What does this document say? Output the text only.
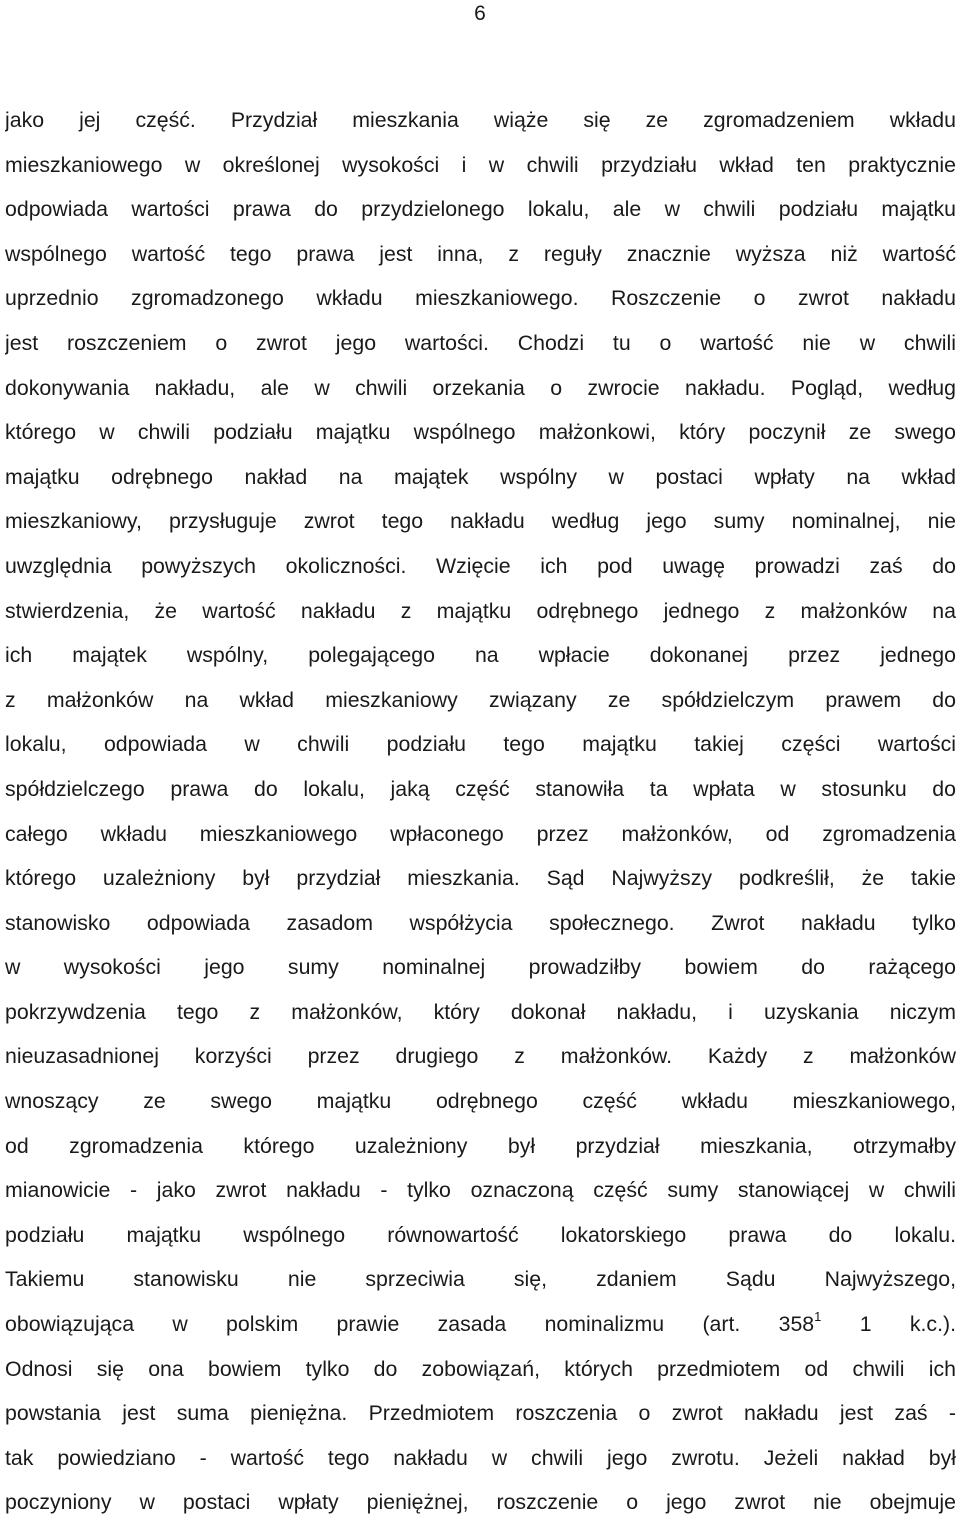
6
jako jej część. Przydział mieszkania wiąże się ze zgromadzeniem wkładu
mieszkaniowego w określonej wysokości i w chwili przydziału wkład ten praktycznie
odpowiada wartości prawa do przydzielonego lokalu, ale w chwili podziału majątku
wspólnego wartość tego prawa jest inna, z reguły znacznie wyższa niż wartość
uprzednio zgromadzonego wkładu mieszkaniowego. Roszczenie o zwrot nakładu
jest roszczeniem o zwrot jego wartości. Chodzi tu o wartość nie w chwili
dokonywania nakładu, ale w chwili orzekania o zwrocie nakładu. Pogląd, według
którego w chwili podziału majątku wspólnego małżonkowi, który poczynił ze swego
majątku odrębnego nakład na majątek wspólny w postaci wpłaty na wkład
mieszkaniowy, przysługuje zwrot tego nakładu według jego sumy nominalnej, nie
uwzględnia powyższych okoliczności. Wzięcie ich pod uwagę prowadzi zaś do
stwierdzenia, że wartość nakładu z majątku odrębnego jednego z małżonków na
ich majątek wspólny, polegającego na wpłacie dokonanej przez jednego
z małżonków na wkład mieszkaniowy związany ze spółdzielczym prawem do
lokalu, odpowiada w chwili podziału tego majątku takiej części wartości
spółdzielczego prawa do lokalu, jaką część stanowiła ta wpłata w stosunku do
całego wkładu mieszkaniowego wpłaconego przez małżonków, od zgromadzenia
którego uzależniony był przydział mieszkania. Sąd Najwyższy podkreślił, że takie
stanowisko odpowiada zasadom współżycia społecznego. Zwrot nakładu tylko
w wysokości jego sumy nominalnej prowadziłby bowiem do rażącego
pokrzywdzenia tego z małżonków, który dokonał nakładu, i uzyskania niczym
nieuzasadnionej korzyści przez drugiego z małżonków. Każdy z małżonków
wnoszący ze swego majątku odrębnego część wkładu mieszkaniowego,
od zgromadzenia którego uzależniony był przydział mieszkania, otrzymałby
mianowicie - jako zwrot nakładu - tylko oznaczoną część sumy stanowiącej w chwili
podziału majątku wspólnego równowartość lokatorskiego prawa do lokalu.
Takiemu stanowisku nie sprzeciwia się, zdaniem Sądu Najwyższego,
obowiązująca w polskim prawie zasada nominalizmu (art. 358$^1$ 1 k.c.).
Odnosi się ona bowiem tylko do zobowiązań, których przedmiotem od chwili ich
powstania jest suma pieniężna. Przedmiotem roszczenia o zwrot nakładu jest zaś -
tak powiedziano - wartość tego nakładu w chwili jego zwrotu. Jeżeli nakład był
poczyniony w postaci wpłaty pieniężnej, roszczenie o jego zwrot nie obejmuje
